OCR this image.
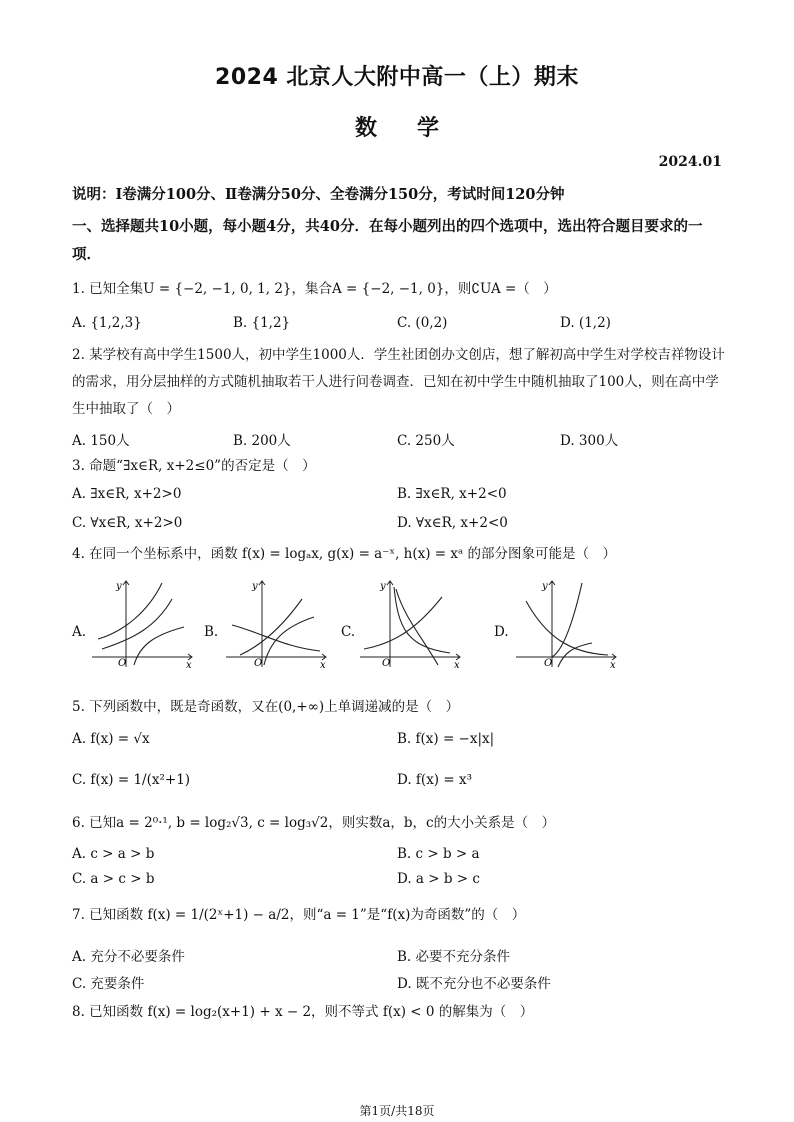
2024 北京人大附中高一（上）期末
数学
2024.01
说明：Ⅰ卷满分100分、Ⅱ卷满分50分、全卷满分150分，考试时间120分钟
一、选择题共10小题，每小题4分，共40分．在每小题列出的四个选项中，选出符合题目要求的一项．
1. 已知全集U = {−2, −1, 0, 1, 2}，集合A = {−2, −1, 0}，则∁UA =（　）
A. {1,2,3}	B. {1,2}	C. (0,2)	D. (1,2)
2. 某学校有高中学生1500人，初中学生1000人．学生社团创办文创店，想了解初高中学生对学校吉祥物设计的需求，用分层抽样的方式随机抽取若干人进行问卷调查．已知在初中学生中随机抽取了100人，则在高中学生中抽取了（　）
A. 150人	B. 200人	C. 250人	D. 300人
3. 命题“∃x∈R, x+2≤0”的否定是（　）
A. ∃x∈R, x+2>0	B. ∃x∈R, x+2<0
C. ∀x∈R, x+2>0	D. ∀x∈R, x+2<0
4. 在同一个坐标系中，函数 f(x) = logₐx, g(x) = a⁻ˣ, h(x) = xᵃ 的部分图象可能是（　）
A.
y
x
O
B.
y
x
O
C.
y
x
O
D.
y
x
O
5. 下列函数中，既是奇函数，又在(0,+∞)上单调递减的是（　）
A. f(x) = √x	B. f(x) = −x|x|
C. f(x) = 1/(x²+1)	D. f(x) = x³
6. 已知a = 2⁰·¹, b = log₂√3, c = log₃√2，则实数a，b，c的大小关系是（　）
A. c > a > b	B. c > b > a
C. a > c > b	D. a > b > c
7. 已知函数 f(x) = 1/(2ˣ+1) − a/2，则“a = 1”是“f(x)为奇函数”的（　）
A. 充分不必要条件	B. 必要不充分条件
C. 充要条件	D. 既不充分也不必要条件
8. 已知函数 f(x) = log₂(x+1) + x − 2，则不等式 f(x) < 0 的解集为（　）
第1页/共18页
